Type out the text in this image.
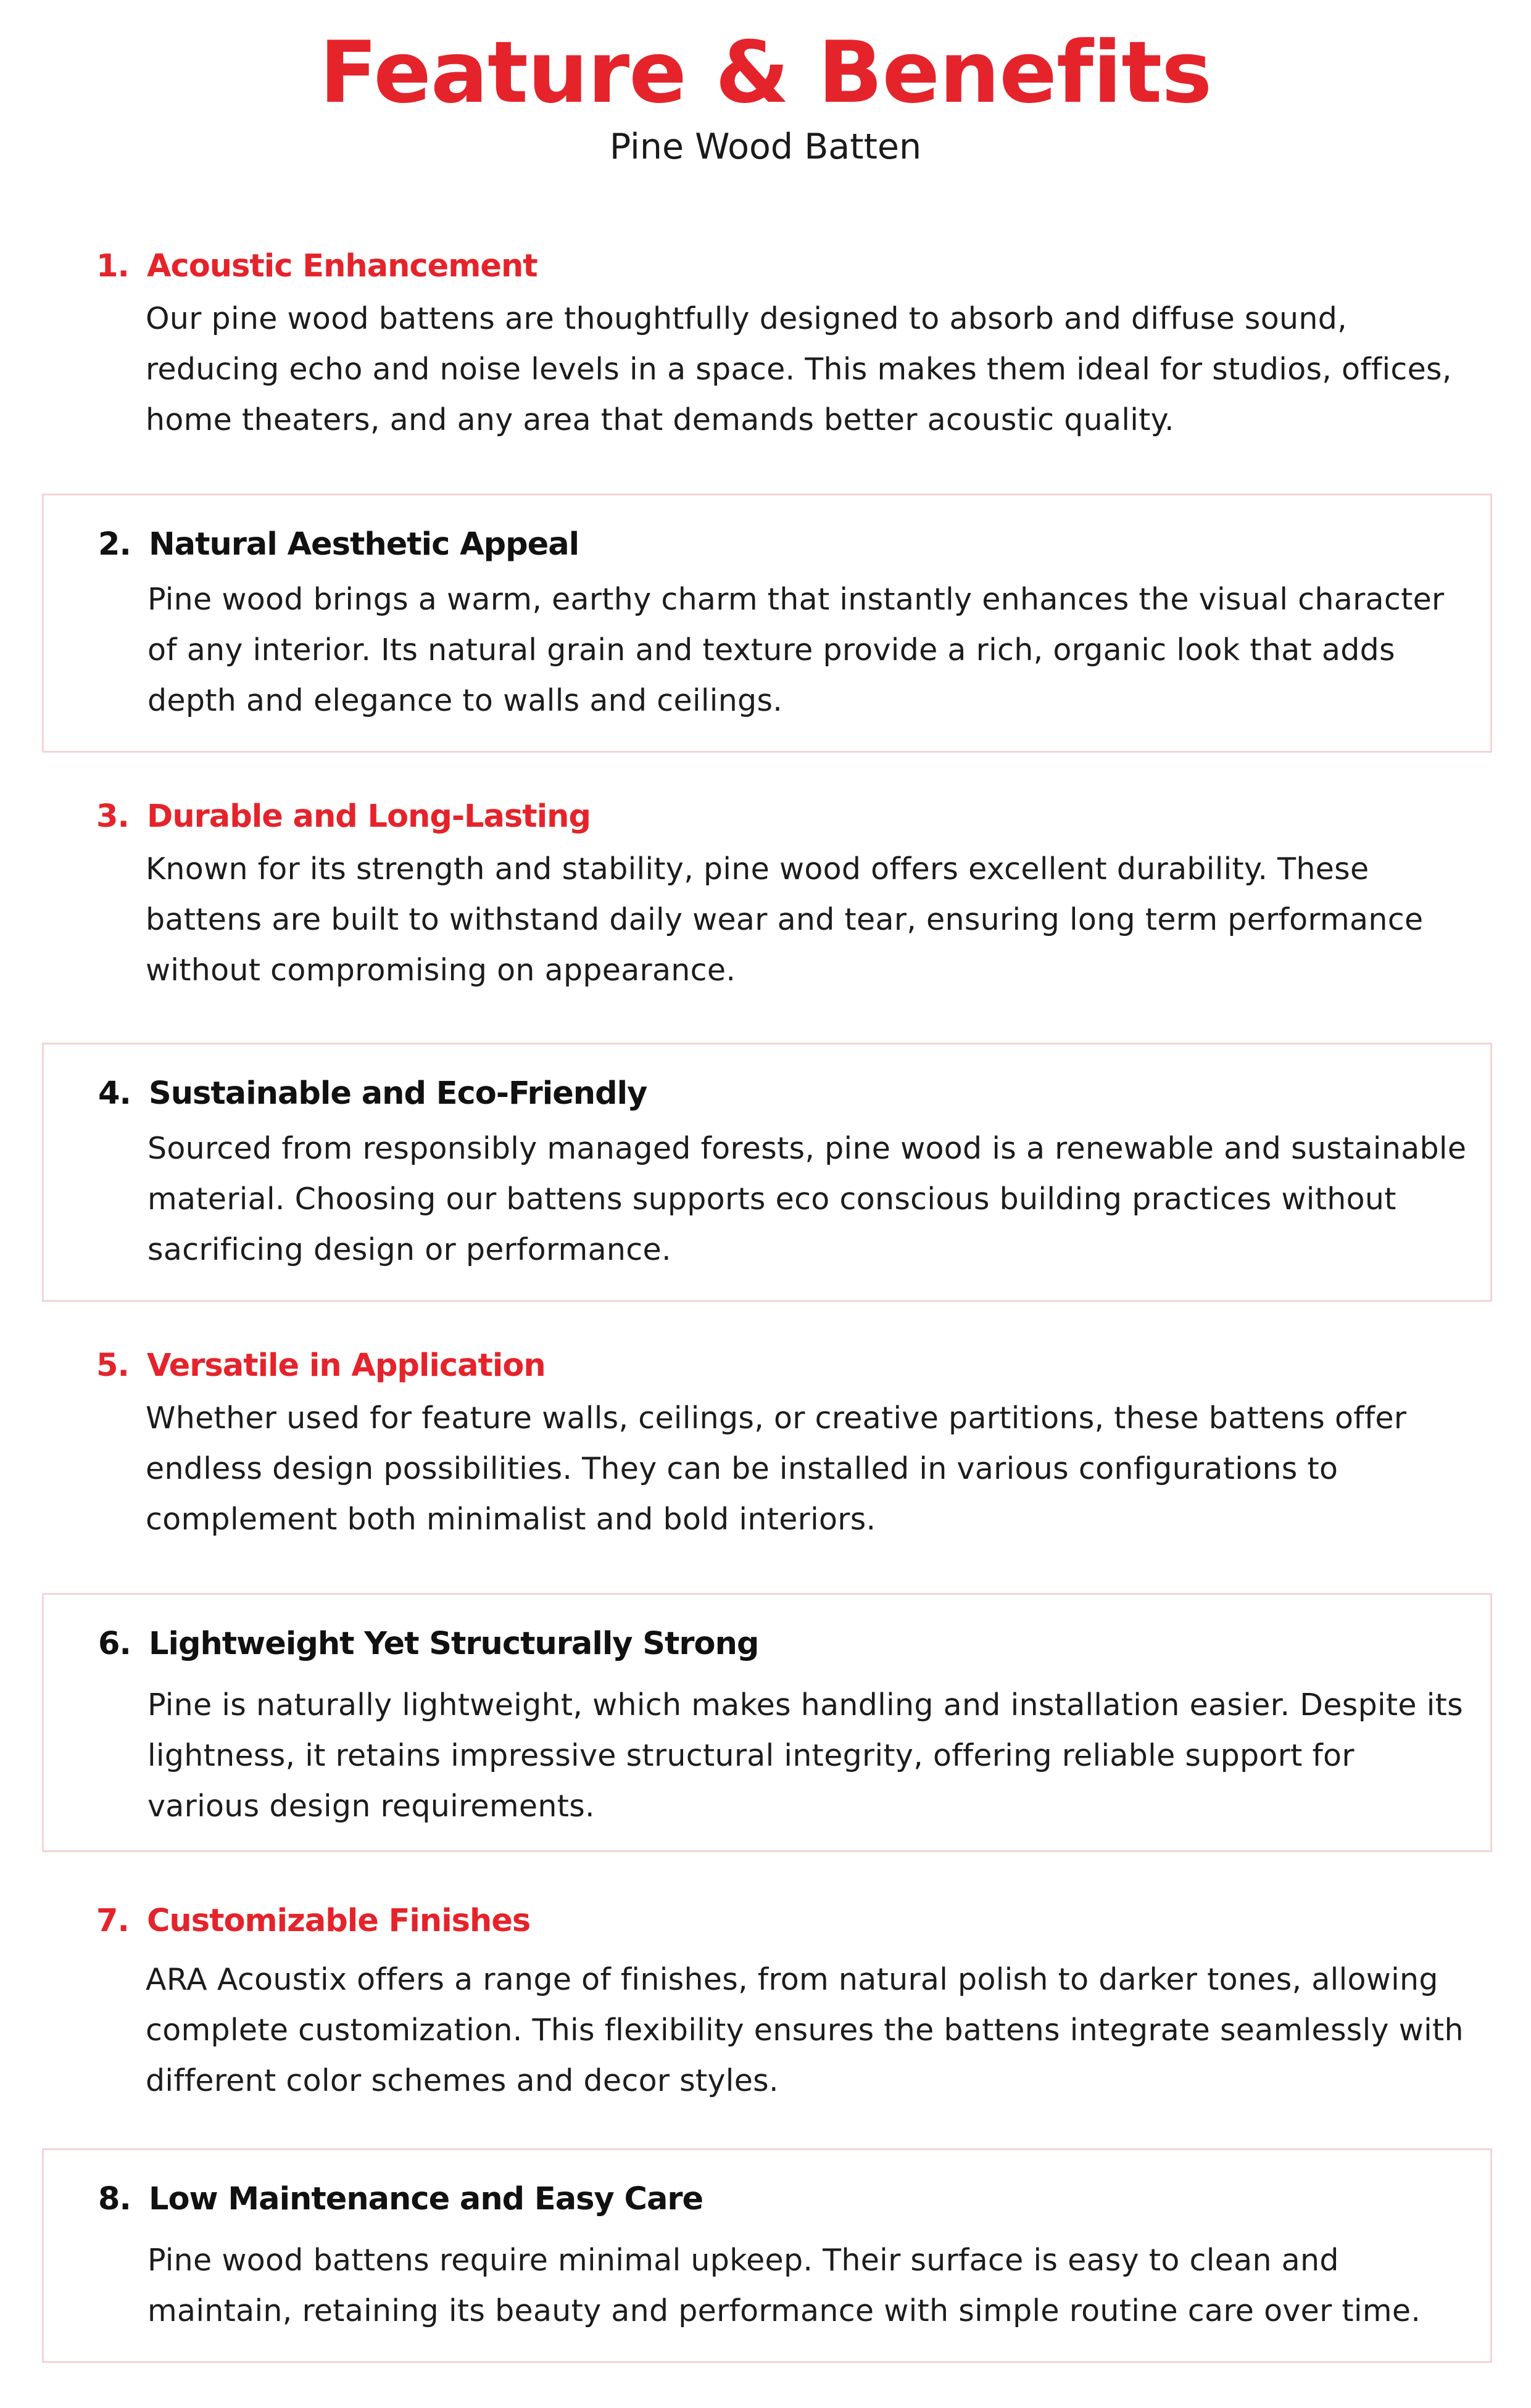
Feature & Benefits
Pine Wood Batten
1. Acoustic Enhancement
Our pine wood battens are thoughtfully designed to absorb and diffuse sound, reducing echo and noise levels in a space. This makes them ideal for studios, offices, home theaters, and any area that demands better acoustic quality.
2. Natural Aesthetic Appeal
Pine wood brings a warm, earthy charm that instantly enhances the visual character of any interior. Its natural grain and texture provide a rich, organic look that adds depth and elegance to walls and ceilings.
3. Durable and Long-Lasting
Known for its strength and stability, pine wood offers excellent durability. These battens are built to withstand daily wear and tear, ensuring long term performance without compromising on appearance.
4. Sustainable and Eco-Friendly
Sourced from responsibly managed forests, pine wood is a renewable and sustainable material. Choosing our battens supports eco conscious building practices without sacrificing design or performance.
5. Versatile in Application
Whether used for feature walls, ceilings, or creative partitions, these battens offer endless design possibilities. They can be installed in various configurations to complement both minimalist and bold interiors.
6. Lightweight Yet Structurally Strong
Pine is naturally lightweight, which makes handling and installation easier. Despite its lightness, it retains impressive structural integrity, offering reliable support for various design requirements.
7. Customizable Finishes
ARA Acoustix offers a range of finishes, from natural polish to darker tones, allowing complete customization. This flexibility ensures the battens integrate seamlessly with different color schemes and decor styles.
8. Low Maintenance and Easy Care
Pine wood battens require minimal upkeep. Their surface is easy to clean and maintain, retaining its beauty and performance with simple routine care over time.
